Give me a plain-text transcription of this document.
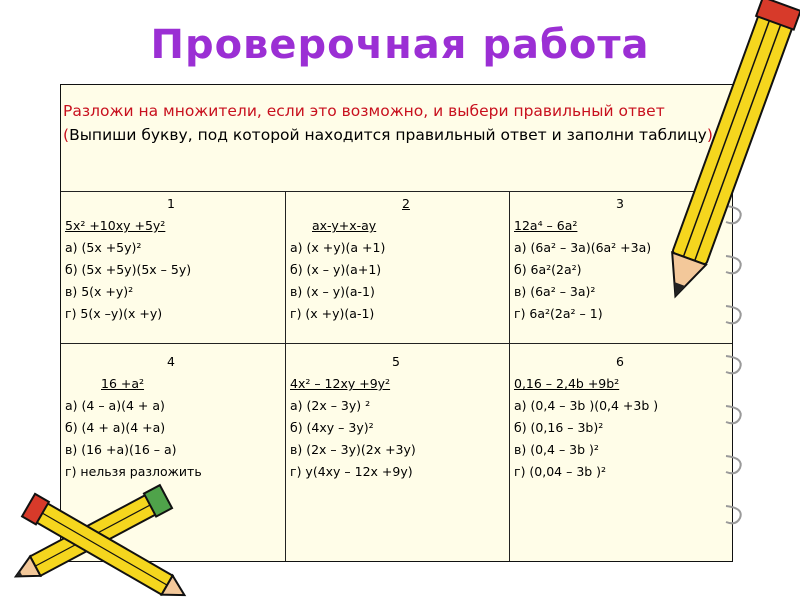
Проверочная работа
Разложи на множители, если это возможно, и выбери правильный ответ (Выпиши букву, под которой находится правильный ответ и заполни таблицу)
1
5x² +10xy +5y²
а) (5x +5y)²
б) (5x +5y)(5x – 5y)
в) 5(x +y)²
г) 5(x –y)(x +y)
2
ax-y+x-ay
а) (x +y)(a +1)
б) (x – y)(a+1)
в) (x – y)(a-1)
г) (x +y)(a-1)
3
12a⁴ – 6a²
а) (6a² – 3a)(6a² +3a)
б) 6a²(2a²)
в) (6a² – 3a)²
г) 6a²(2a² – 1)
4
16 +a²
а) (4 – a)(4 + a)
б) (4 + a)(4 +a)
в) (16 +a)(16 – a)
г) нельзя разложить
5
4x² – 12xy +9y²
а) (2x – 3y) ²
б) (4xy – 3y)²
в) (2x – 3y)(2x +3y)
г) y(4xy – 12x +9y)
6
0,16 – 2,4b +9b²
а) (0,4 – 3b )(0,4 +3b )
б) (0,16 – 3b)²
в) (0,4 – 3b )²
г) (0,04 – 3b )²
